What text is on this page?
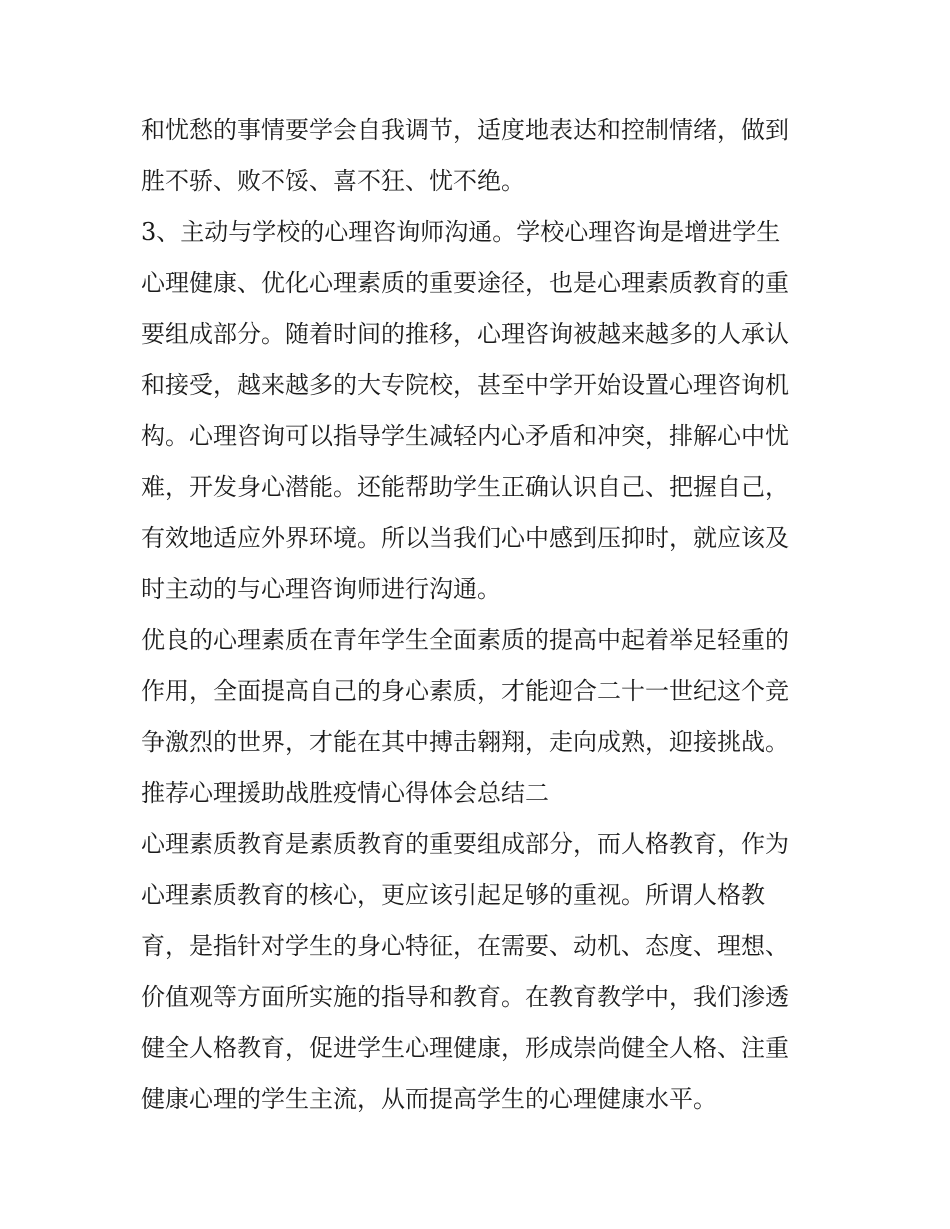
和忧愁的事情要学会自我调节，适度地表达和控制情绪，做到
胜不骄、败不馁、喜不狂、忧不绝。
3、主动与学校的心理咨询师沟通。学校心理咨询是增进学生
心理健康、优化心理素质的重要途径，也是心理素质教育的重
要组成部分。随着时间的推移，心理咨询被越来越多的人承认
和接受，越来越多的大专院校，甚至中学开始设置心理咨询机
构。心理咨询可以指导学生减轻内心矛盾和冲突，排解心中忧
难，开发身心潜能。还能帮助学生正确认识自己、把握自己，
有效地适应外界环境。所以当我们心中感到压抑时，就应该及
时主动的与心理咨询师进行沟通。
优良的心理素质在青年学生全面素质的提高中起着举足轻重的
作用，全面提高自己的身心素质，才能迎合二十一世纪这个竞
争激烈的世界，才能在其中搏击翱翔，走向成熟，迎接挑战。
推荐心理援助战胜疫情心得体会总结二
心理素质教育是素质教育的重要组成部分，而人格教育，作为
心理素质教育的核心，更应该引起足够的重视。所谓人格教
育，是指针对学生的身心特征，在需要、动机、态度、理想、
价值观等方面所实施的指导和教育。在教育教学中，我们渗透
健全人格教育，促进学生心理健康，形成崇尚健全人格、注重
健康心理的学生主流，从而提高学生的心理健康水平。
